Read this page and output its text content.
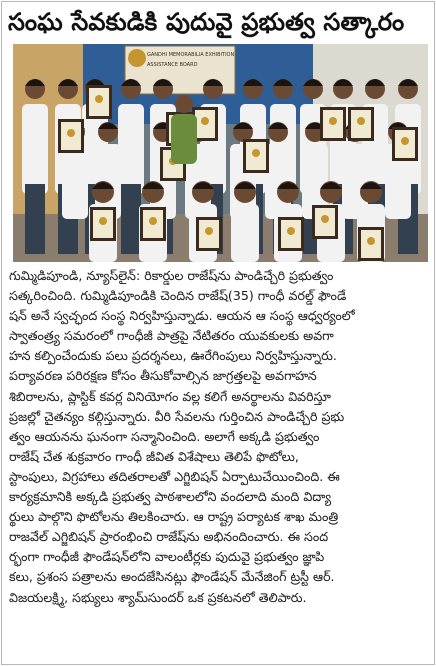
సంఘ సేవకుడికి పుదువై ప్రభుత్వ సత్కారం
GANDHI MEMORABILIA EXHIBITION
ASSISTANCE BOARD
గుమ్మిడిపూండి, న్యూస్‌లైన్: రికార్డుల రాజేష్‌ను పాండిచ్చేరి ప్రభుత్వం
సత్కరించింది. గుమ్మిడిపూండికి చెందిన రాజేష్(35) గాంధీ వరల్డ్ ఫౌండే
షన్ అనే స్వచ్ఛంద సంస్థ నిర్వహిస్తున్నాడు. ఆయన ఆ సంస్థ ఆధ్వర్యంలో
స్వాతంత్ర్య సమరంలో గాంధీజీ పాత్రపై నేటితరం యువకులకు అవగా
హన కల్పించేందుకు పలు ప్రదర్శనలు, ఊరేగింపులు నిర్వహిస్తున్నారు.
పర్యావరణ పరిరక్షణ కోసం తీసుకోవాల్సిన జాగ్రత్తలపై అవగాహన
శిబిరాలను, ప్లాస్టిక్ కవర్ల వినియోగం వల్ల కలిగే అనర్థాలను వివరిస్తూ
ప్రజల్లో చైతన్యం కల్గిస్తున్నారు. వీరి సేవలను గుర్తించిన పాండిచ్చేరి ప్రభు
త్వం ఆయనను ఘనంగా సన్మానించింది. అలాగే అక్కడి ప్రభుత్వం
రాజేష్ చేత శుక్రవారం గాంధీ జీవిత విశేషాలు తెలిపే ఫొటోలు,
స్టాంపులు, విగ్రహాలు తదితరాలతో ఎగ్జిబిషన్ ఏర్పాటుచేయించింది. ఈ
కార్యక్రమానికి అక్కడి ప్రభుత్వ పాఠశాలలోని వందలాది మంది విద్యా
ర్థులు పాల్గొని ఫొటోలను తిలకించారు. ఆ రాష్ట్ర పర్యాటక శాఖ మంత్రి
రాజవేల్ ఎగ్జిబిషన్ ప్రారంభించి రాజేష్‌ను అభినందించారు. ఈ సంద
ర్భంగా గాంధీజీ ఫౌండేషన్‌లోని వాలంటీర్లకు పుదువై ప్రభుత్వం జ్ఞాపి
కలు, ప్రశంస పత్రాలను అందజేసినట్లు ఫౌండేషన్ మేనేజింగ్ ట్రస్టీ ఆర్.
విజయలక్ష్మి, సభ్యులు శ్యామ్‌సుందర్ ఒక ప్రకటనలో తెలిపారు.
